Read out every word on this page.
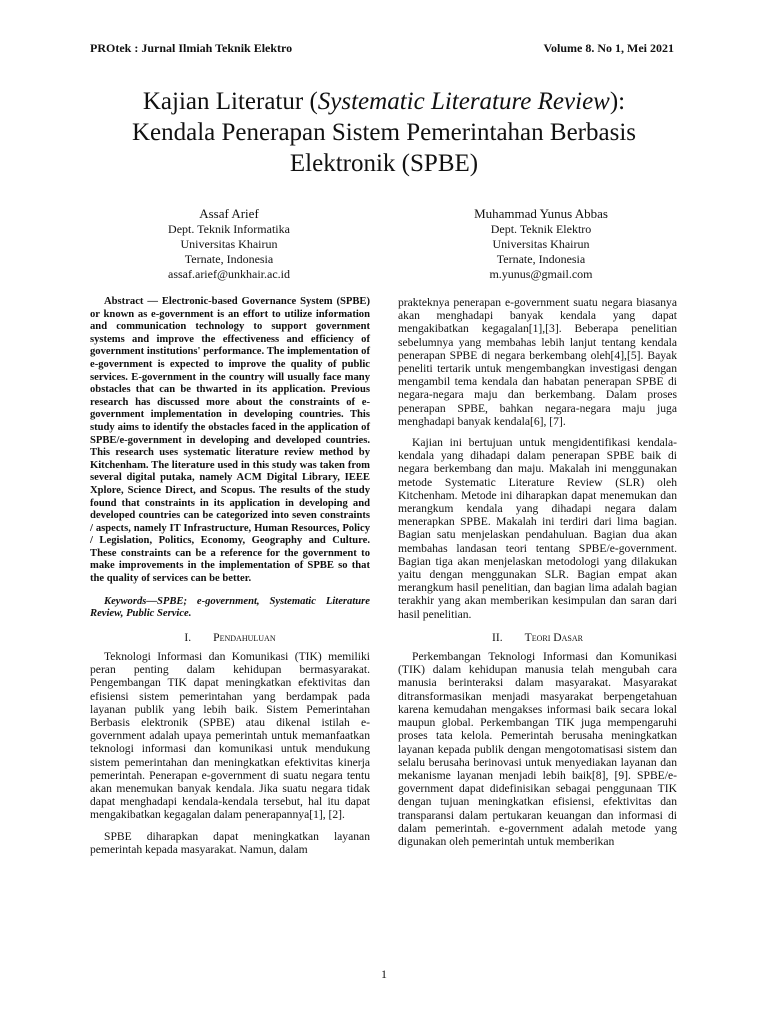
PROtek : Jurnal Ilmiah Teknik Elektro	Volume 8. No 1, Mei 2021
Kajian Literatur (Systematic Literature Review):
Kendala Penerapan Sistem Pemerintahan Berbasis
Elektronik (SPBE)
Assaf Arief
Dept. Teknik Informatika
Universitas Khairun
Ternate, Indonesia
assaf.arief@unkhair.ac.id
Muhammad Yunus Abbas
Dept. Teknik Elektro
Universitas Khairun
Ternate, Indonesia
m.yunus@gmail.com

Abstract — Electronic-based Governance System (SPBE) or known as e-government is an effort to utilize information and communication technology to support government systems and improve the effectiveness and efficiency of government institutions' performance. The implementation of e-government is expected to improve the quality of public services. E-government in the country will usually face many obstacles that can be thwarted in its application. Previous research has discussed more about the constraints of e-government implementation in developing countries. This study aims to identify the obstacles faced in the application of SPBE/e-government in developing and developed countries. This research uses systematic literature review method by Kitchenham. The literature used in this study was taken from several digital putaka, namely ACM Digital Library, IEEE Xplore, Science Direct, and Scopus. The results of the study found that constraints in its application in developing and developed countries can be categorized into seven constraints / aspects, namely IT Infrastructure, Human Resources, Policy / Legislation, Politics, Economy, Geography and Culture. These constraints can be a reference for the government to make improvements in the implementation of SPBE so that the quality of services can be better.

Keywords—SPBE; e-government, Systematic Literature Review, Public Service.

I. Pendahuluan

Teknologi Informasi dan Komunikasi (TIK) memiliki peran penting dalam kehidupan bermasyarakat. Pengembangan TIK dapat meningkatkan efektivitas dan efisiensi sistem pemerintahan yang berdampak pada layanan publik yang lebih baik. Sistem Pemerintahan Berbasis elektronik (SPBE) atau dikenal istilah e-government adalah upaya pemerintah untuk memanfaatkan teknologi informasi dan komunikasi untuk mendukung sistem pemerintahan dan meningkatkan efektivitas kinerja pemerintah. Penerapan e-government di suatu negara tentu akan menemukan banyak kendala. Jika suatu negara tidak dapat menghadapi kendala-kendala tersebut, hal itu dapat mengakibatkan kegagalan dalam penerapannya[1], [2].

SPBE diharapkan dapat meningkatkan layanan pemerintah kepada masyarakat. Namun, dalam

prakteknya penerapan e-government suatu negara biasanya akan menghadapi banyak kendala yang dapat mengakibatkan kegagalan[1],[3]. Beberapa penelitian sebelumnya yang membahas lebih lanjut tentang kendala penerapan SPBE di negara berkembang oleh[4],[5]. Bayak peneliti tertarik untuk mengembangkan investigasi dengan mengambil tema kendala dan habatan penerapan SPBE di negara-negara maju dan berkembang. Dalam proses penerapan SPBE, bahkan negara-negara maju juga menghadapi banyak kendala[6], [7].

Kajian ini bertujuan untuk mengidentifikasi kendala-kendala yang dihadapi dalam penerapan SPBE baik di negara berkembang dan maju. Makalah ini menggunakan metode Systematic Literature Review (SLR) oleh Kitchenham. Metode ini diharapkan dapat menemukan dan merangkum kendala yang dihadapi negara dalam menerapkan SPBE. Makalah ini terdiri dari lima bagian. Bagian satu menjelaskan pendahuluan. Bagian dua akan membahas landasan teori tentang SPBE/e-government. Bagian tiga akan menjelaskan metodologi yang dilakukan yaitu dengan menggunakan SLR. Bagian empat akan merangkum hasil penelitian, dan bagian lima adalah bagian terakhir yang akan memberikan kesimpulan dan saran dari hasil penelitian.

II. Teori Dasar

Perkembangan Teknologi Informasi dan Komunikasi (TIK) dalam kehidupan manusia telah mengubah cara manusia berinteraksi dalam masyarakat. Masyarakat ditransformasikan menjadi masyarakat berpengetahuan karena kemudahan mengakses informasi baik secara lokal maupun global. Perkembangan TIK juga mempengaruhi proses tata kelola. Pemerintah berusaha meningkatkan layanan kepada publik dengan mengotomatisasi sistem dan selalu berusaha berinovasi untuk menyediakan layanan dan mekanisme layanan menjadi lebih baik[8], [9]. SPBE/e-government dapat didefinisikan sebagai penggunaan TIK dengan tujuan meningkatkan efisiensi, efektivitas dan transparansi dalam pertukaran keuangan dan informasi di dalam pemerintah. e-government adalah metode yang digunakan oleh pemerintah untuk memberikan

1
